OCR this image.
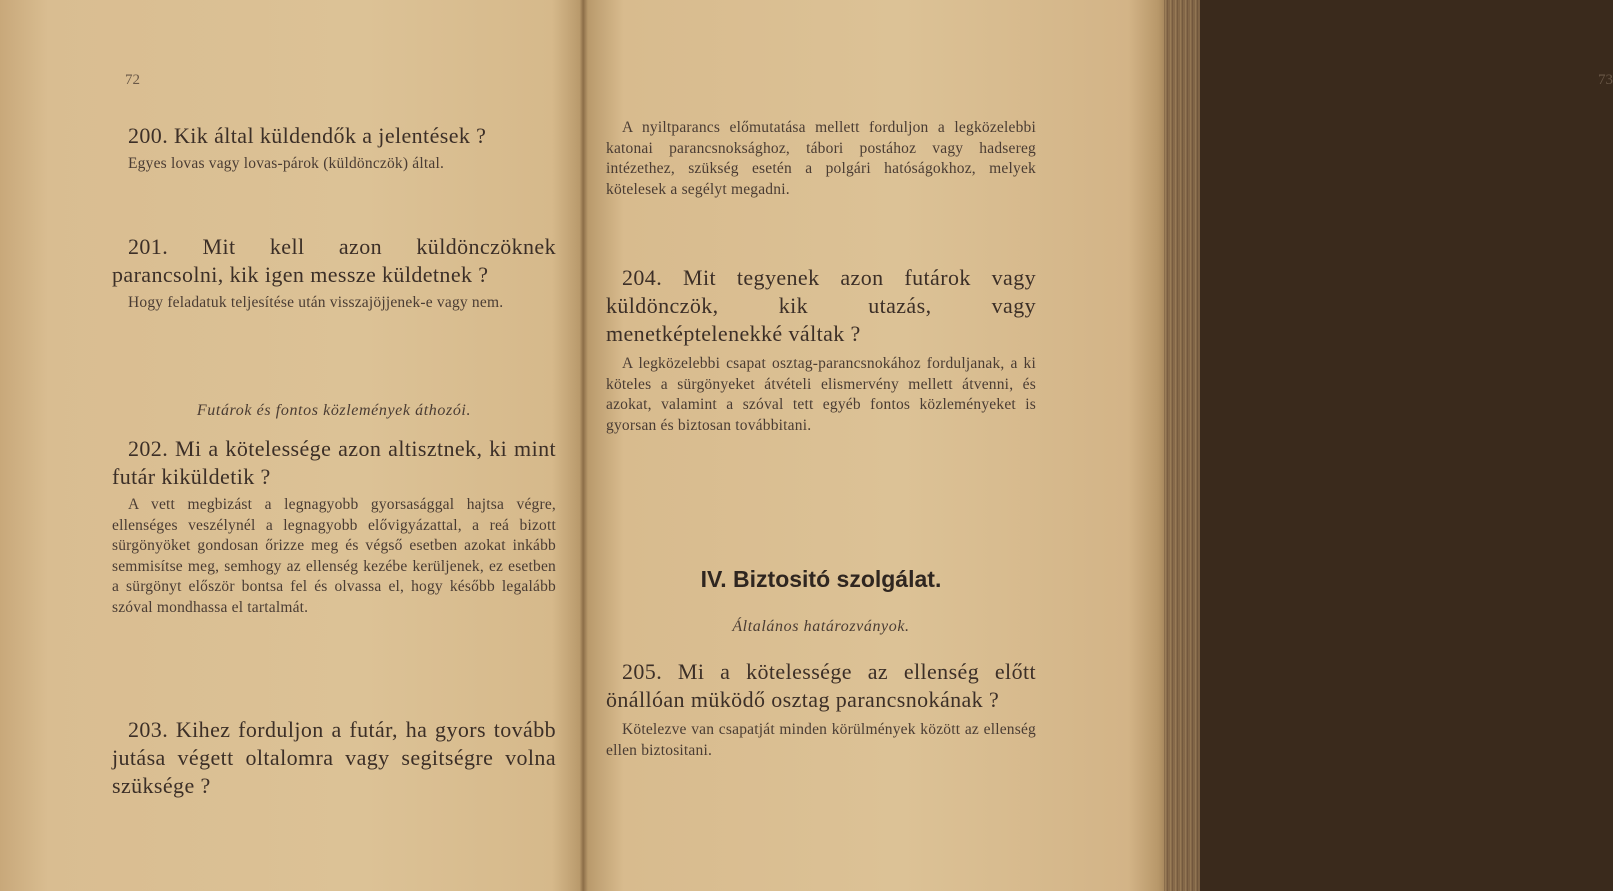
72

200. Kik által küldendők a jelentések ?

Egyes lovas vagy lovas-párok (küldönczök) által.

201. Mit kell azon küldönczöknek parancsolni, kik igen messze küldetnek ?

Hogy feladatuk teljesítése után visszajöjjenek-e vagy nem.

Futárok és fontos közlemények áthozói.

202. Mi a kötelessége azon altisztnek, ki mint futár kiküldetik ?

A vett megbizást a legnagyobb gyorsasággal hajtsa végre, ellenséges veszélynél a legnagyobb elővigyázattal, a reá bizott sürgönyöket gondosan őrizze meg és végső esetben azokat inkább semmisítse meg, semhogy az ellenség kezébe kerüljenek, ez esetben a sürgönyt először bontsa fel és olvassa el, hogy később legalább szóval mondhassa el tartalmát.

203. Kihez forduljon a futár, ha gyors tovább jutása végett oltalomra vagy segitségre volna szüksége ?

73

A nyiltparancs előmutatása mellett forduljon a legközelebbi katonai parancsnoksághoz, tábori postához vagy hadsereg intézethez, szükség esetén a polgári hatóságokhoz, melyek kötelesek a segélyt megadni.

204. Mit tegyenek azon futárok vagy küldönczök, kik utazás, vagy menetképtelenekké váltak ?

A legközelebbi csapat osztag-parancsnokához forduljanak, a ki köteles a sürgönyeket átvételi elismervény mellett átvenni, és azokat, valamint a szóval tett egyéb fontos közleményeket is gyorsan és biztosan továbbitani.

IV. Biztositó szolgálat.

Általános határozványok.

205. Mi a kötelessége az ellenség előtt önállóan müködő osztag parancsnokának ?

Kötelezve van csapatját minden körülmények között az ellenség ellen biztositani.
